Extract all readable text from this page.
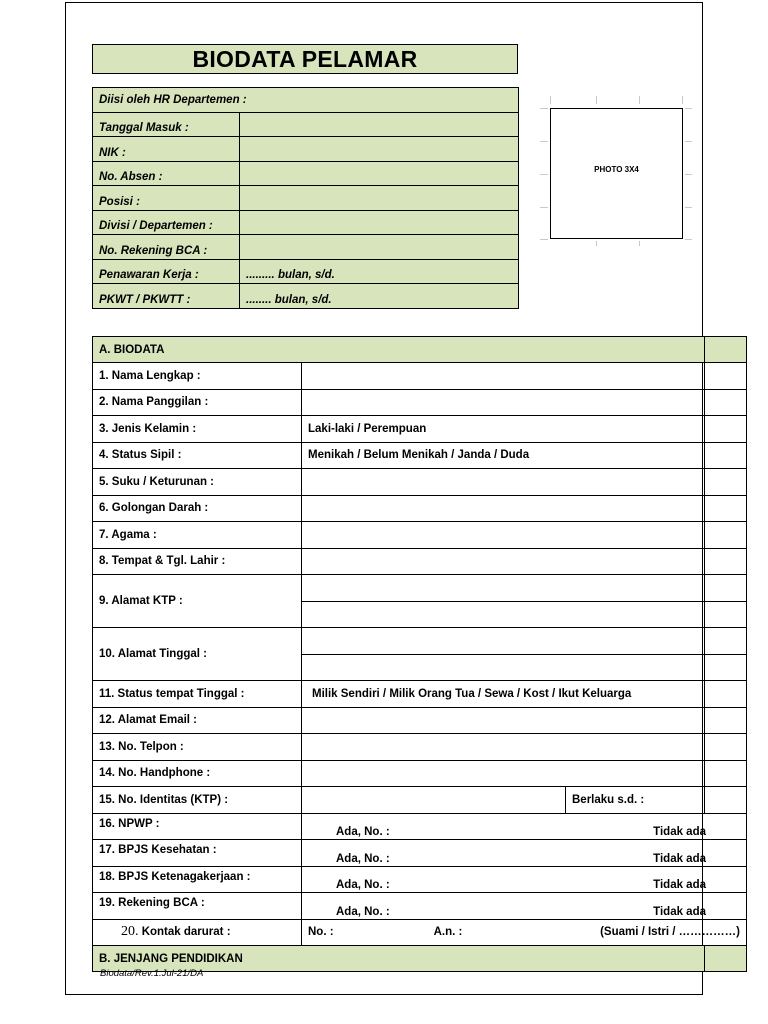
BIODATA PELAMAR
Diisi oleh HR Departemen :	
Tanggal Masuk :	
NIK :	
No. Absen :	
Posisi :	
Divisi / Departemen :	
No. Rekening BCA :	
Penawaran Kerja :	......... bulan, s/d.
PKWT / PKWTT :	........ bulan, s/d.
PHOTO 3X4
A. BIODATA			
1. Nama Lengkap :			
2. Nama Panggilan :			
3. Jenis Kelamin :	Laki-laki / Perempuan		
4. Status Sipil :	Menikah / Belum Menikah / Janda / Duda		
5. Suku / Keturunan :			
6. Golongan Darah :			
7. Agama :			
8. Tempat & Tgl. Lahir :			
9. Alamat KTP :			

10. Alamat Tinggal :			

11. Status tempat Tinggal :	Milik Sendiri / Milik Orang Tua / Sewa / Kost / Ikut Keluarga		
12. Alamat Email :			
13. No. Telpon :			
14. No. Handphone :			
15. No. Identitas (KTP) :		Berlaku s.d. :	
16. NPWP :	Ada, No. : Tidak ada		

17. BPJS Kesehatan :	Ada, No. : Tidak ada		

18. BPJS Ketenagakerjaan :	Ada, No. : Tidak ada		

19. Rekening BCA :	Ada, No. : Tidak ada		

20. Kontak darurat :	No. : A.n. : (Suami / Istri / ……………)		

B. JENJANG PENDIDIKAN			
Biodata/Rev.1.Jul-21/DA
